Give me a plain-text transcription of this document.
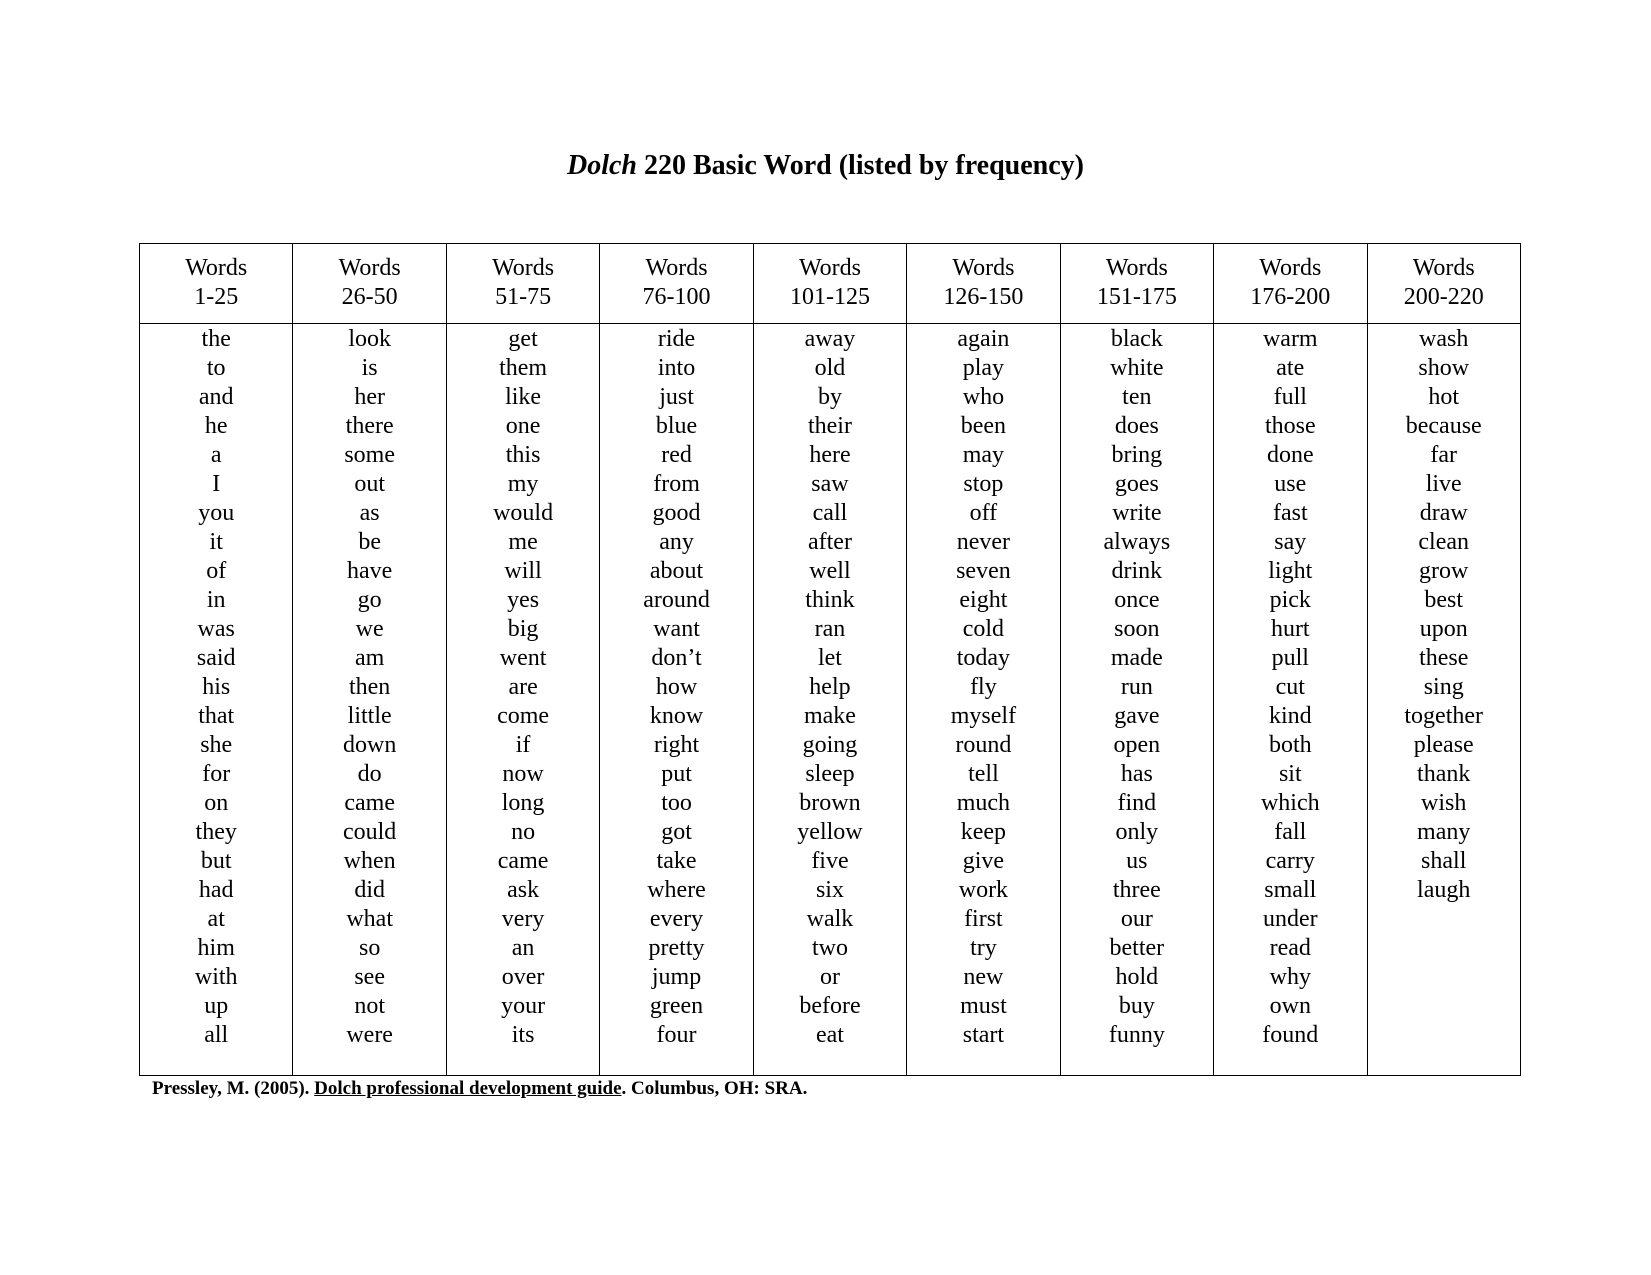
Dolch 220 Basic Word (listed by frequency)
Words
1-25
the
to
and
he
a
I
you
it
of
in
was
said
his
that
she
for
on
they
but
had
at
him
with
up
all
Words
26-50
look
is
her
there
some
out
as
be
have
go
we
am
then
little
down
do
came
could
when
did
what
so
see
not
were
Words
51-75
get
them
like
one
this
my
would
me
will
yes
big
went
are
come
if
now
long
no
came
ask
very
an
over
your
its
Words
76-100
ride
into
just
blue
red
from
good
any
about
around
want
don’t
how
know
right
put
too
got
take
where
every
pretty
jump
green
four
Words
101-125
away
old
by
their
here
saw
call
after
well
think
ran
let
help
make
going
sleep
brown
yellow
five
six
walk
two
or
before
eat
Words
126-150
again
play
who
been
may
stop
off
never
seven
eight
cold
today
fly
myself
round
tell
much
keep
give
work
first
try
new
must
start
Words
151-175
black
white
ten
does
bring
goes
write
always
drink
once
soon
made
run
gave
open
has
find
only
us
three
our
better
hold
buy
funny
Words
176-200
warm
ate
full
those
done
use
fast
say
light
pick
hurt
pull
cut
kind
both
sit
which
fall
carry
small
under
read
why
own
found
Words
200-220
wash
show
hot
because
far
live
draw
clean
grow
best
upon
these
sing
together
please
thank
wish
many
shall
laugh
Pressley, M. (2005). Dolch professional development guide. Columbus, OH: SRA.
